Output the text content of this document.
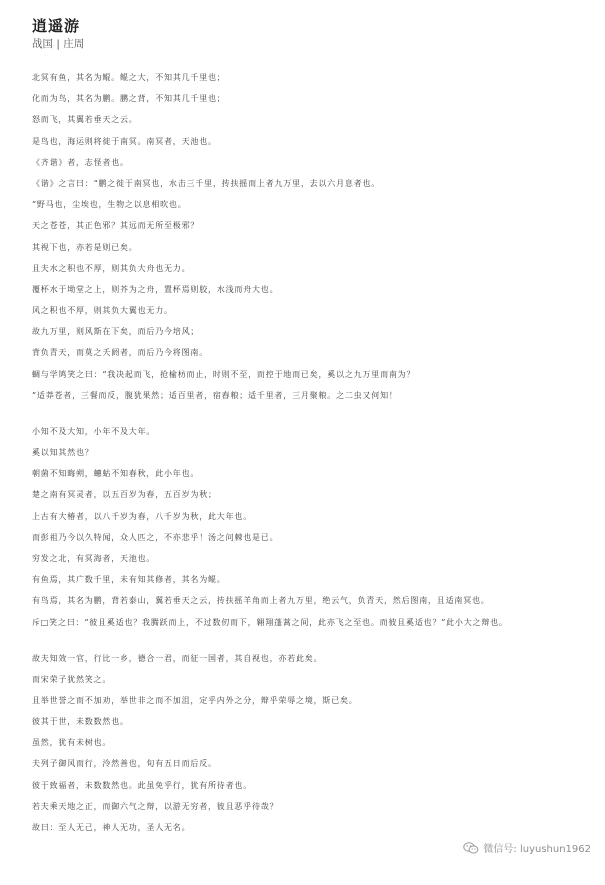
逍遥游
战国 | 庄周

北冥有鱼，其名为鲲。鲲之大，不知其几千里也；

化而为鸟，其名为鹏。鹏之背，不知其几千里也；

怒而飞，其翼若垂天之云。

是鸟也，海运则将徙于南冥。南冥者，天池也。

《齐谐》者，志怪者也。

《谐》之言曰：“鹏之徙于南冥也，水击三千里，抟扶摇而上者九万里，去以六月息者也。

”野马也，尘埃也，生物之以息相吹也。

天之苍苍，其正色邪？其远而无所至极邪？

其视下也，亦若是则已矣。

且夫水之积也不厚，则其负大舟也无力。

覆杯水于坳堂之上，则芥为之舟，置杯焉则胶，水浅而舟大也。

风之积也不厚，则其负大翼也无力。

故九万里，则风斯在下矣，而后乃今培风；

背负青天，而莫之夭阏者，而后乃今将图南。

蜩与学鸠笑之曰：“我决起而飞，抢榆枋而止，时则不至，而控于地而已矣，奚以之九万里而南为？

”适莽苍者，三餐而反，腹犹果然；适百里者，宿舂粮；适千里者，三月聚粮。之二虫又何知！

小知不及大知，小年不及大年。

奚以知其然也？

朝菌不知晦朔，蟪蛄不知春秋，此小年也。

楚之南有冥灵者，以五百岁为春，五百岁为秋；

上古有大椿者，以八千岁为春，八千岁为秋，此大年也。

而彭祖乃今以久特闻，众人匹之，不亦悲乎！汤之问棘也是已。

穷发之北，有冥海者，天池也。

有鱼焉，其广数千里，未有知其修者，其名为鲲。

有鸟焉，其名为鹏，背若泰山，翼若垂天之云，抟扶摇羊角而上者九万里，绝云气，负青天，然后图南，且适南冥也。

斥□笑之曰：“彼且奚适也？我腾跃而上，不过数仞而下，翱翔蓬蒿之间，此亦飞之至也。而彼且奚适也？”此小大之辩也。

故夫知效一官，行比一乡，德合一君，而征一国者，其自视也，亦若此矣。

而宋荣子犹然笑之。

且举世誉之而不加劝，举世非之而不加沮，定乎内外之分，辩乎荣辱之境，斯已矣。

彼其于世，未数数然也。

虽然，犹有未树也。

夫列子御风而行，泠然善也，旬有五日而后反。

彼于致福者，未数数然也。此虽免乎行，犹有所待者也。

若夫乘天地之正，而御六气之辩，以游无穷者，彼且恶乎待哉？

故曰：至人无己，神人无功，圣人无名。

微信号: luyushun1962
